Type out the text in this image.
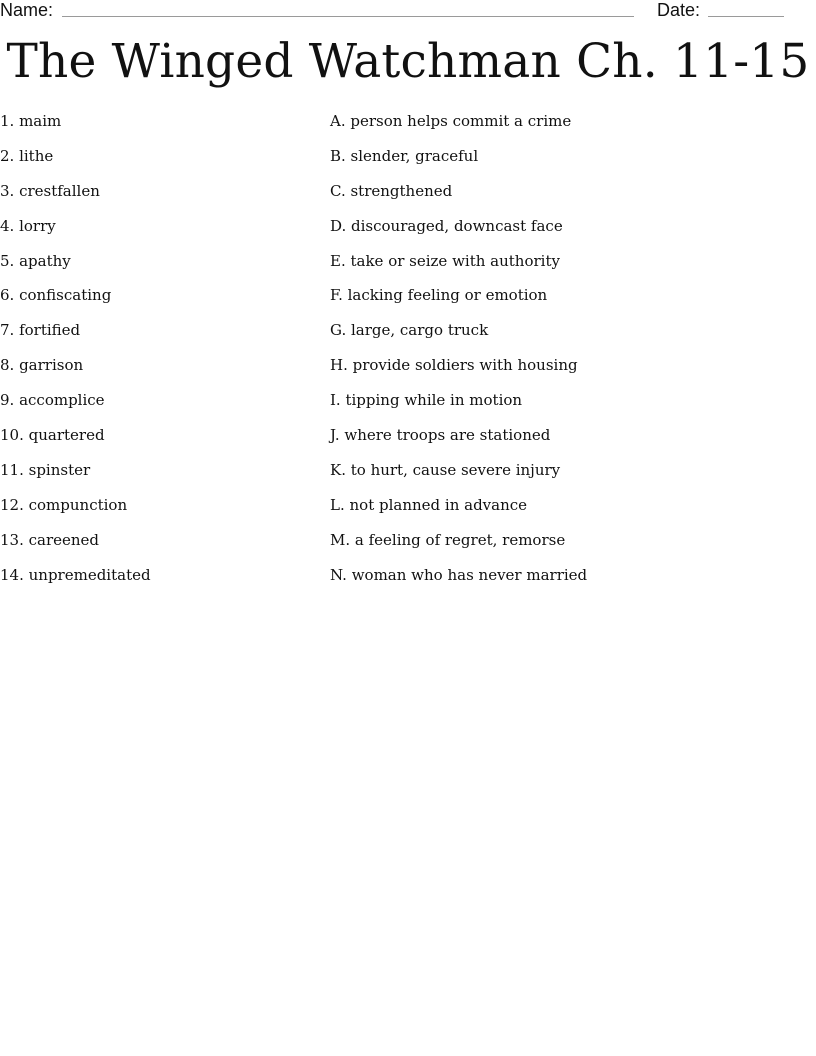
Name:	Date:
The Winged Watchman Ch. 11-15
1. maim	A. person helps commit a crime
2. lithe	B. slender, graceful
3. crestfallen	C. strengthened
4. lorry	D. discouraged, downcast face
5. apathy	E. take or seize with authority
6. confiscating	F. lacking feeling or emotion
7. fortified	G. large, cargo truck
8. garrison	H. provide soldiers with housing
9. accomplice	I. tipping while in motion
10. quartered	J. where troops are stationed
11. spinster	K. to hurt, cause severe injury
12. compunction	L. not planned in advance
13. careened	M. a feeling of regret, remorse
14. unpremeditated	N. woman who has never married
